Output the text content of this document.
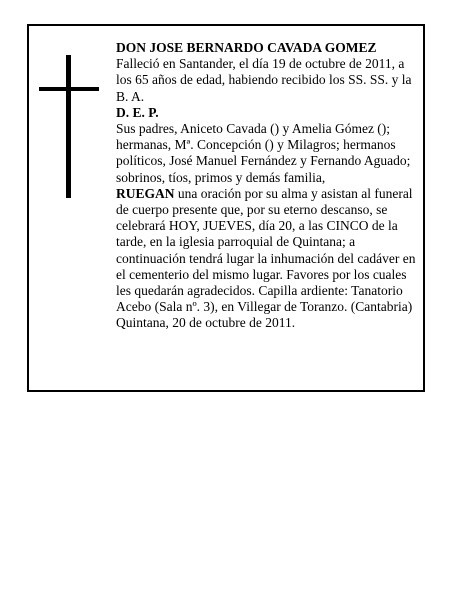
DON JOSE BERNARDO CAVADA GOMEZ

Falleció en Santander, el día 19 de octubre de 2011, a los 65 años de edad, habiendo recibido los SS. SS. y la B. A.

D. E. P.

Sus padres, Aniceto Cavada () y Amelia Gómez (); hermanas, Mª. Concepción () y Milagros; hermanos políticos, José Manuel Fernández y Fernando Aguado; sobrinos, tíos, primos y demás familia,

RUEGAN una oración por su alma y asistan al funeral de cuerpo presente que, por su eterno descanso, se celebrará HOY, JUEVES, día 20, a las CINCO de la tarde, en la iglesia parroquial de Quintana; a continuación tendrá lugar la inhumación del cadáver en el cementerio del mismo lugar. Favores por los cuales les quedarán agradecidos. Capilla ardiente: Tanatorio Acebo (Sala nº. 3), en Villegar de Toranzo. (Cantabria)

Quintana, 20 de octubre de 2011.
